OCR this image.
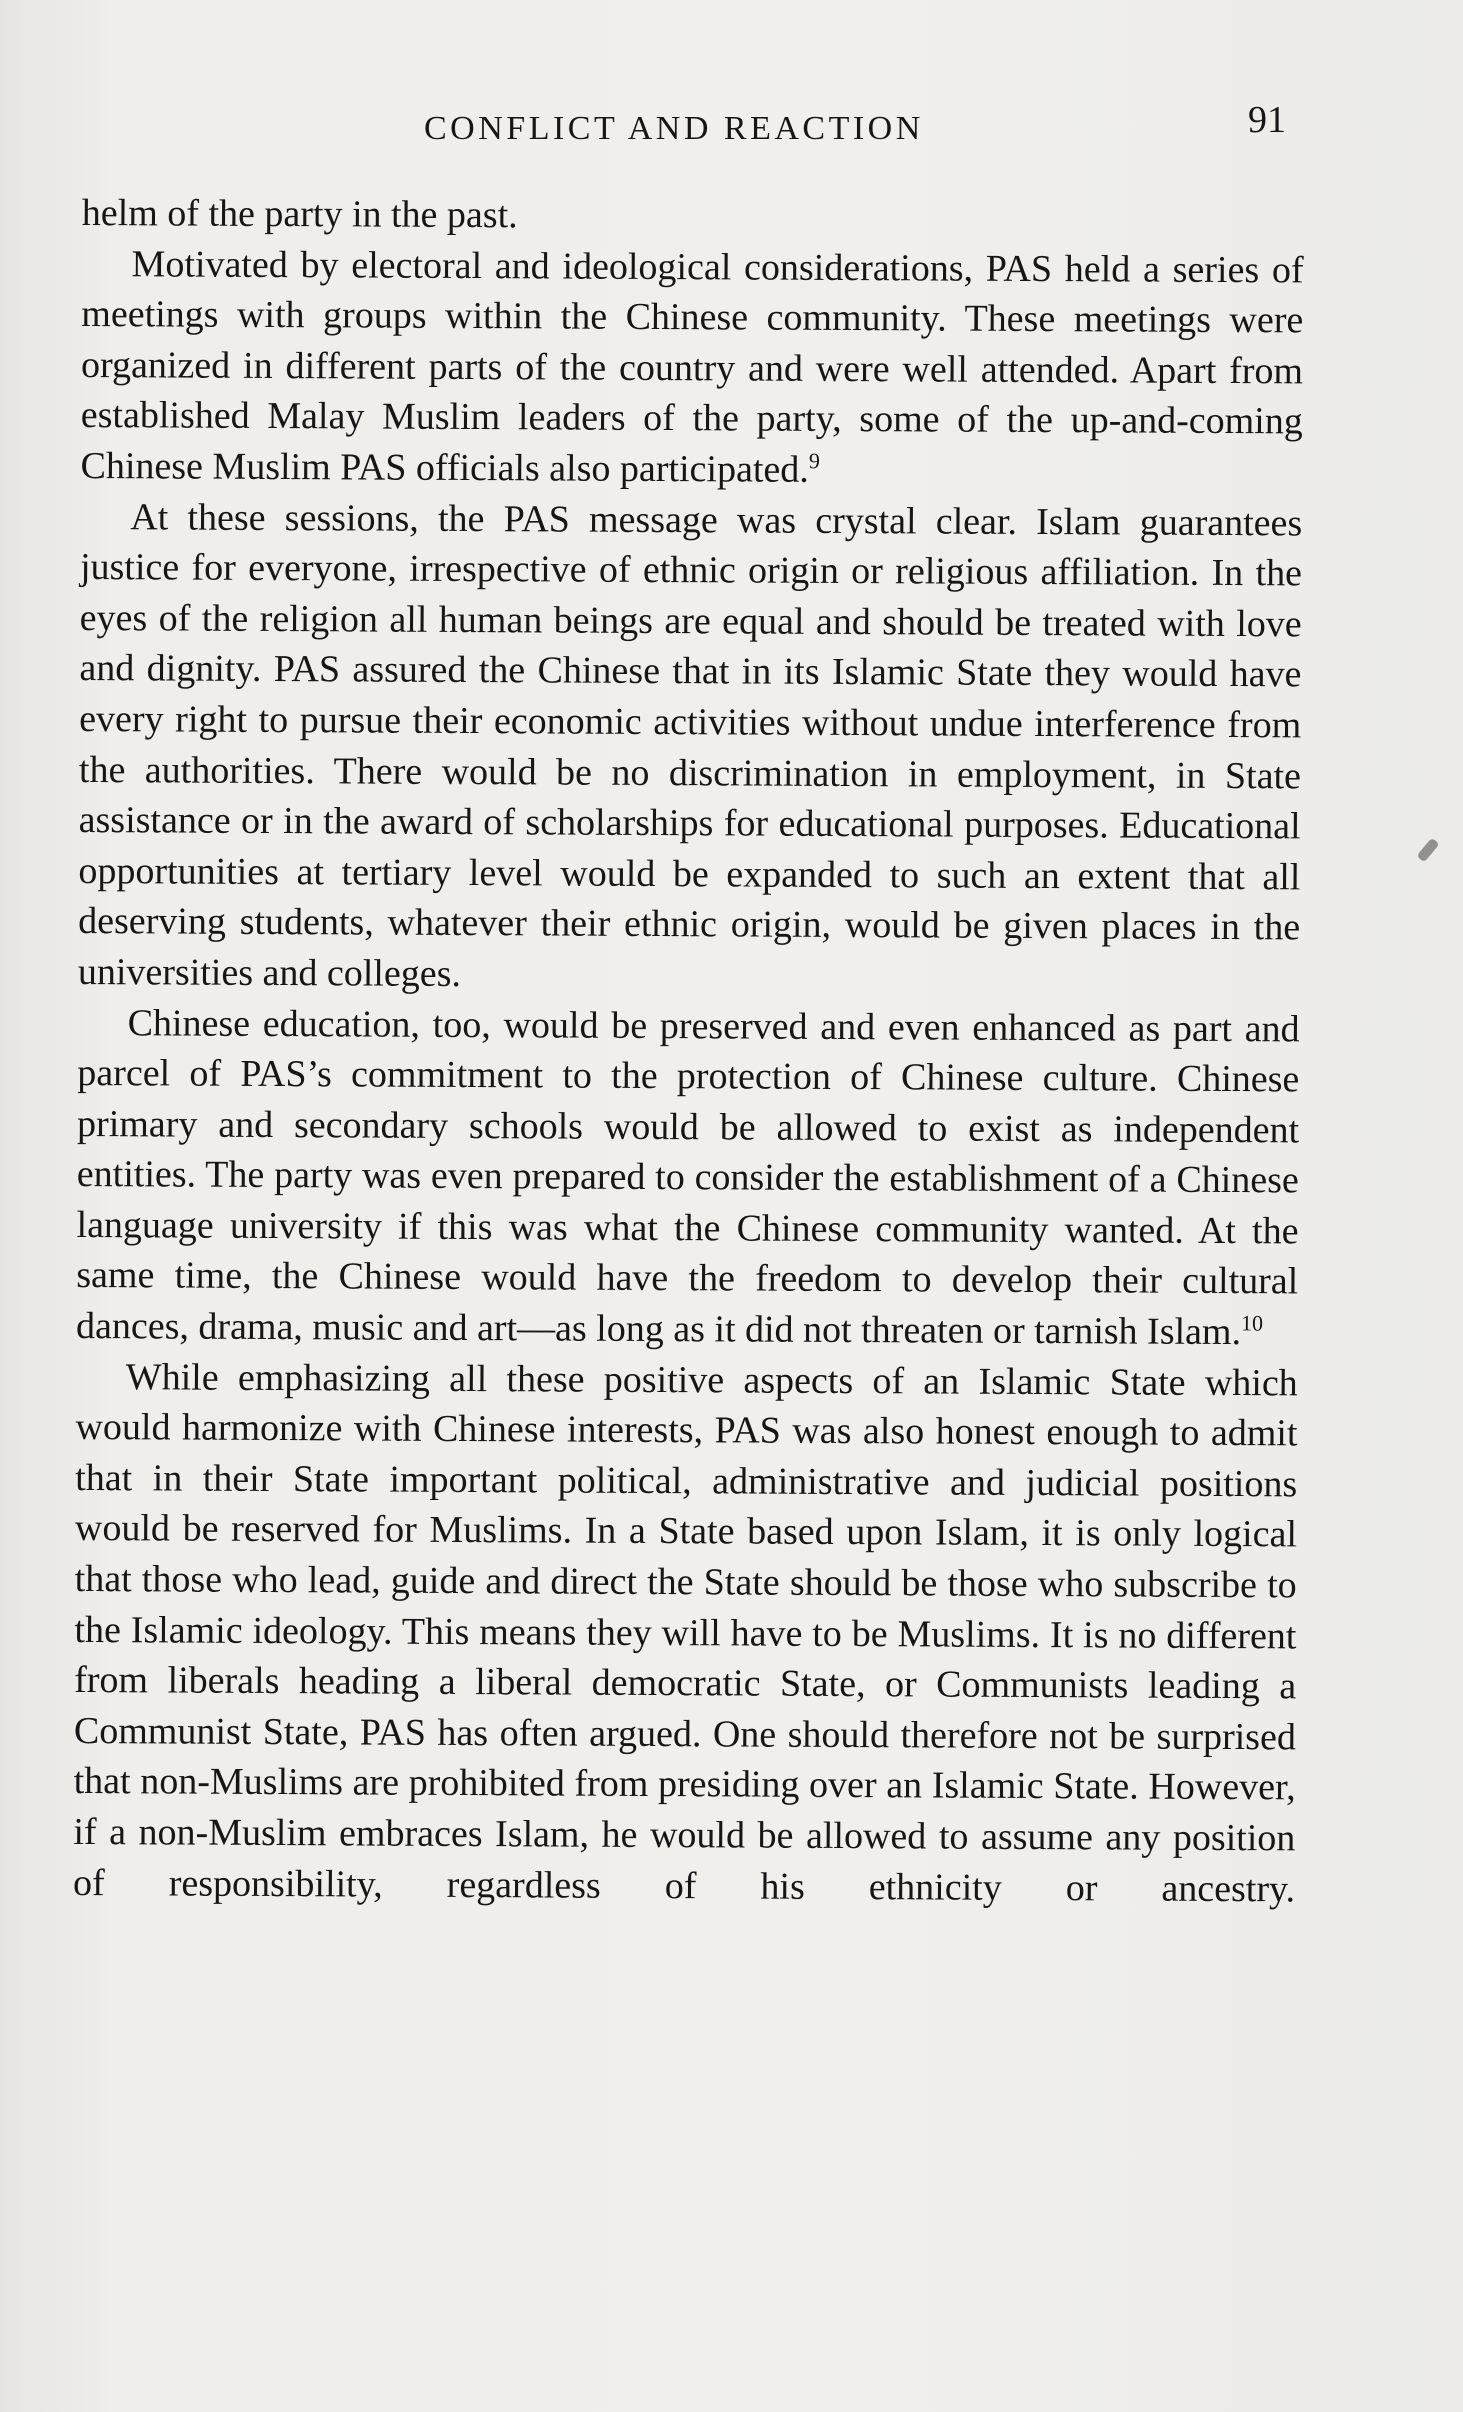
CONFLICT AND REACTION	91

helm of the party in the past.

Motivated by electoral and ideological considerations, PAS held a series of meetings with groups within the Chinese community. These meetings were organized in different parts of the country and were well attended. Apart from established Malay Muslim leaders of the party, some of the up-and-coming Chinese Muslim PAS officials also participated.$^9$

At these sessions, the PAS message was crystal clear. Islam guarantees justice for everyone, irrespective of ethnic origin or religious affiliation. In the eyes of the religion all human beings are equal and should be treated with love and dignity. PAS assured the Chinese that in its Islamic State they would have every right to pursue their economic activities without undue interference from the authorities. There would be no discrimination in employment, in State assistance or in the award of scholarships for educational purposes. Educational opportunities at tertiary level would be expanded to such an extent that all deserving students, whatever their ethnic origin, would be given places in the universities and colleges.

Chinese education, too, would be preserved and even enhanced as part and parcel of PAS’s commitment to the protection of Chinese culture. Chinese primary and secondary schools would be allowed to exist as independent entities. The party was even prepared to consider the establishment of a Chinese language university if this was what the Chinese community wanted. At the same time, the Chinese would have the freedom to develop their cultural dances, drama, music and art—as long as it did not threaten or tarnish Islam.$^{10}$

While emphasizing all these positive aspects of an Islamic State which would harmonize with Chinese interests, PAS was also honest enough to admit that in their State important political, administrative and judicial positions would be reserved for Muslims. In a State based upon Islam, it is only logical that those who lead, guide and direct the State should be those who subscribe to the Islamic ideology. This means they will have to be Muslims. It is no different from liberals heading a liberal democratic State, or Communists leading a Communist State, PAS has often argued. One should therefore not be surprised that non-Muslims are prohibited from presiding over an Islamic State. However, if a non-Muslim embraces Islam, he would be allowed to assume any position of responsibility, regardless of his ethnicity or ancestry.
